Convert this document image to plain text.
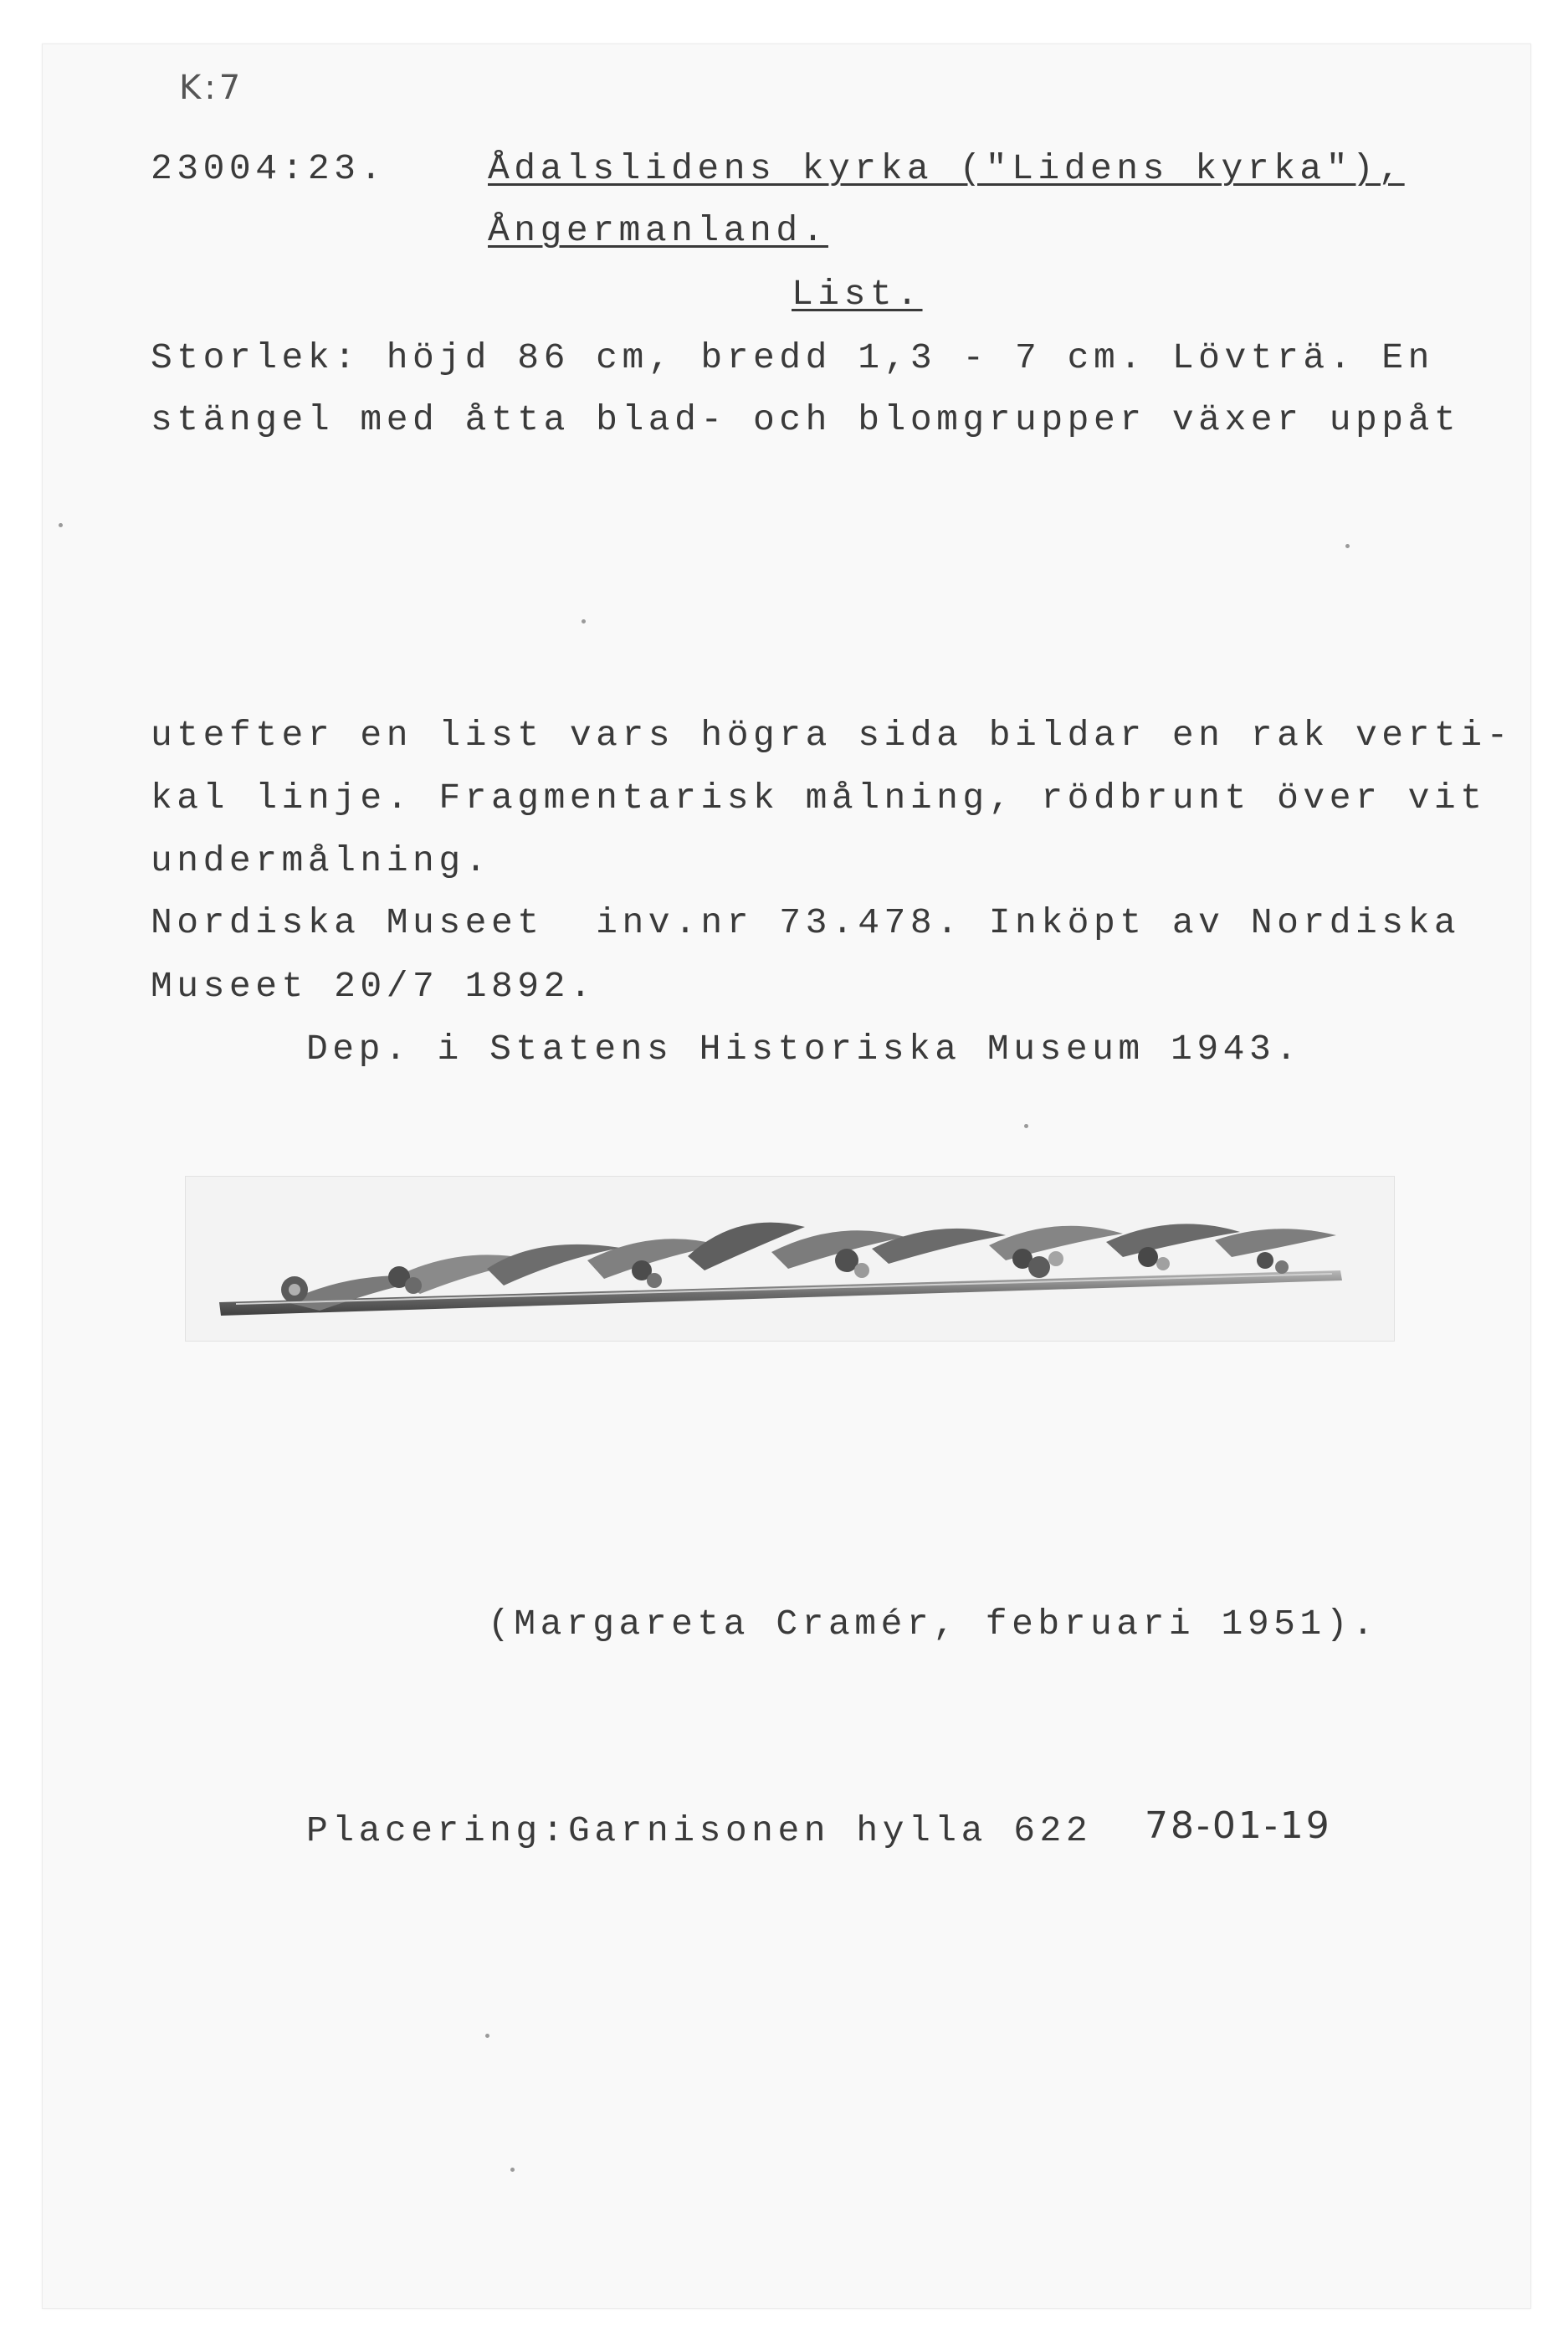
K:7
23004:23.	Ådalslidens kyrka ("Lidens kyrka"),
Ångermanland.
List.
Storlek: höjd 86 cm, bredd 1,3 - 7 cm. Lövträ. En
stängel med åtta blad- och blomgrupper växer uppåt
utefter en list vars högra sida bildar en rak verti-
kal linje. Fragmentarisk målning, rödbrunt över vit
undermålning.
Nordiska Museet  inv.nr 73.478. Inköpt av Nordiska
Museet 20/7 1892.
Dep. i Statens Historiska Museum 1943.
(Margareta Cramér, februari 1951).
Placering:Garnisonen hylla 622 78-01-19
